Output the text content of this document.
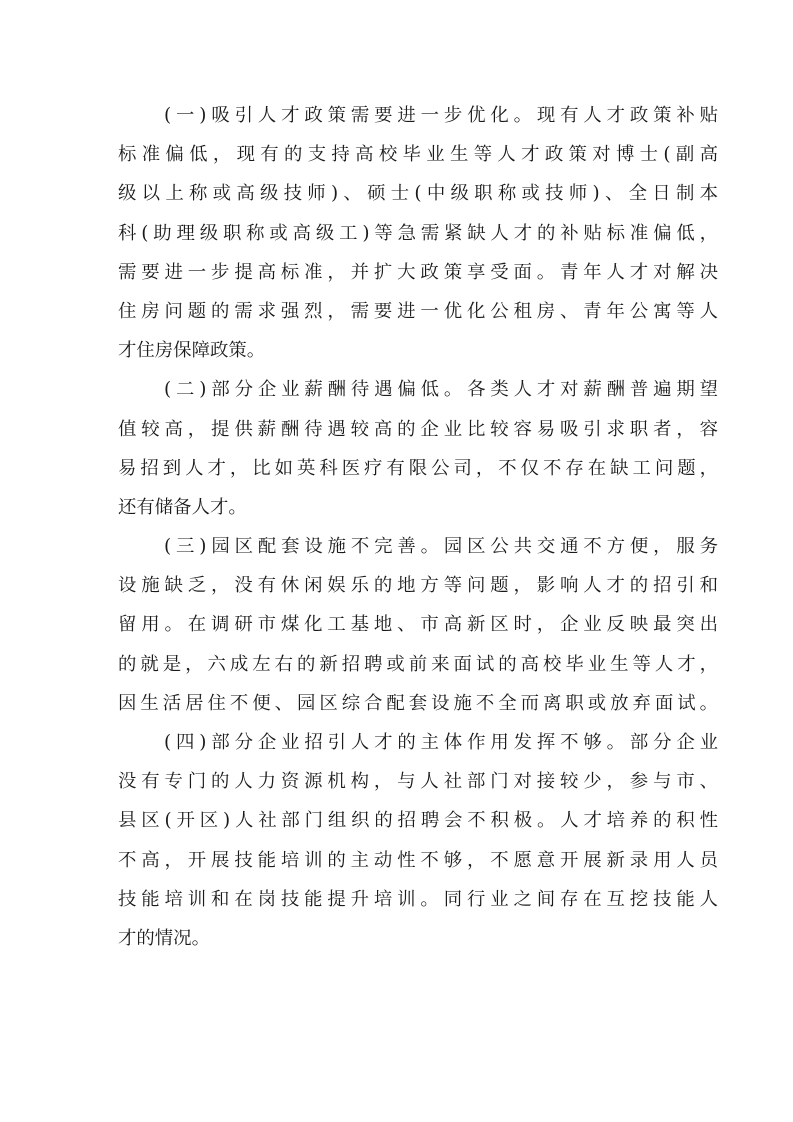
(一)吸引人才政策需要进一步优化。现有人才政策补贴
标准偏低，现有的支持高校毕业生等人才政策对博士(副高
级以上称或高级技师)、硕士(中级职称或技师)、全日制本
科(助理级职称或高级工)等急需紧缺人才的补贴标准偏低，
需要进一步提高标准，并扩大政策享受面。青年人才对解决
住房问题的需求强烈，需要进一优化公租房、青年公寓等人
才住房保障政策。
(二)部分企业薪酬待遇偏低。各类人才对薪酬普遍期望
值较高，提供薪酬待遇较高的企业比较容易吸引求职者，容
易招到人才，比如英科医疗有限公司，不仅不存在缺工问题，
还有储备人才。
(三)园区配套设施不完善。园区公共交通不方便，服务
设施缺乏，没有休闲娱乐的地方等问题，影响人才的招引和
留用。在调研市煤化工基地、市高新区时，企业反映最突出
的就是，六成左右的新招聘或前来面试的高校毕业生等人才，
因生活居住不便、园区综合配套设施不全而离职或放弃面试。
(四)部分企业招引人才的主体作用发挥不够。部分企业
没有专门的人力资源机构，与人社部门对接较少，参与市、
县区(开区)人社部门组织的招聘会不积极。人才培养的积性
不高，开展技能培训的主动性不够，不愿意开展新录用人员
技能培训和在岗技能提升培训。同行业之间存在互挖技能人
才的情况。
